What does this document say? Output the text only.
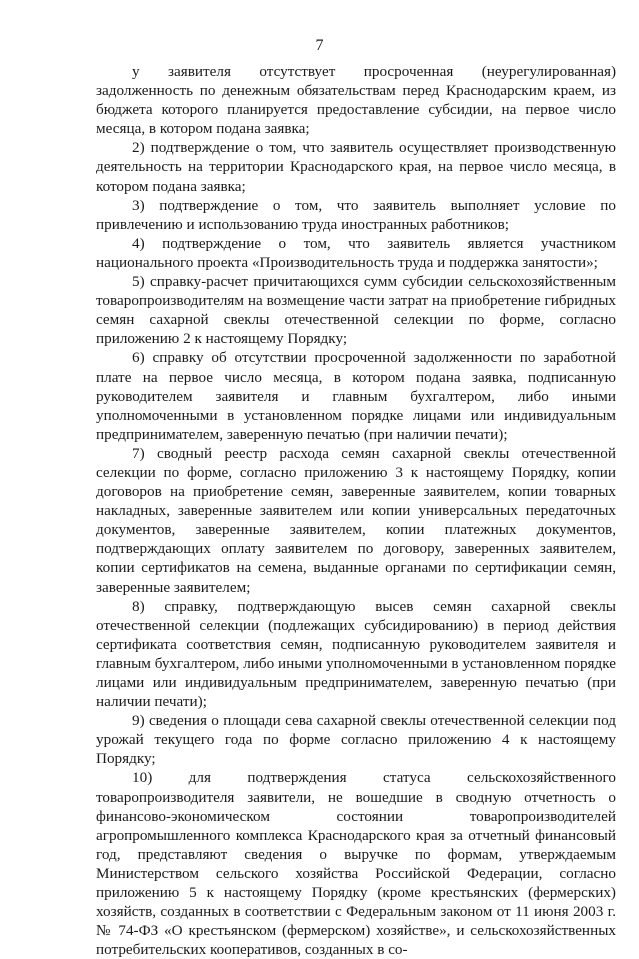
7

у заявителя отсутствует просроченная (неурегулированная) задолженность по денежным обязательствам перед Краснодарским краем, из бюджета которого планируется предоставление субсидии, на первое число месяца, в котором подана заявка;

2) подтверждение о том, что заявитель осуществляет производственную деятельность на территории Краснодарского края, на первое число месяца, в котором подана заявка;

3) подтверждение о том, что заявитель выполняет условие по привлечению и использованию труда иностранных работников;

4) подтверждение о том, что заявитель является участником национального проекта «Производительность труда и поддержка занятости»;

5) справку-расчет причитающихся сумм субсидии сельскохозяйственным товаропроизводителям на возмещение части затрат на приобретение гибридных семян сахарной свеклы отечественной селекции по форме, согласно приложению 2 к настоящему Порядку;

6) справку об отсутствии просроченной задолженности по заработной плате на первое число месяца, в котором подана заявка, подписанную руководителем заявителя и главным бухгалтером, либо иными уполномоченными в установленном порядке лицами или индивидуальным предпринимателем, заверенную печатью (при наличии печати);

7) сводный реестр расхода семян сахарной свеклы отечественной селекции по форме, согласно приложению 3 к настоящему Порядку, копии договоров на приобретение семян, заверенные заявителем, копии товарных накладных, заверенные заявителем или копии универсальных передаточных документов, заверенные заявителем, копии платежных документов, подтверждающих оплату заявителем по договору, заверенных заявителем, копии сертификатов на семена, выданные органами по сертификации семян, заверенные заявителем;

8) справку, подтверждающую высев семян сахарной свеклы отечественной селекции (подлежащих субсидированию) в период действия сертификата соответствия семян, подписанную руководителем заявителя и главным бухгалтером, либо иными уполномоченными в установленном порядке лицами или индивидуальным предпринимателем, заверенную печатью (при наличии печати);

9) сведения о площади сева сахарной свеклы отечественной селекции под урожай текущего года по форме согласно приложению 4 к настоящему Порядку;

10) для подтверждения статуса сельскохозяйственного товаропроизводителя заявители, не вошедшие в сводную отчетность о финансово-экономическом состоянии товаропроизводителей агропромышленного комплекса Краснодарского края за отчетный финансовый год, представляют сведения о выручке по формам, утверждаемым Министерством сельского хозяйства Российской Федерации, согласно приложению 5 к настоящему Порядку (кроме крестьянских (фермерских) хозяйств, созданных в соответствии с Федеральным законом от 11 июня 2003 г. № 74-ФЗ «О крестьянском (фермерском) хозяйстве», и сельскохозяйственных потребительских кооперативов, созданных в со-
